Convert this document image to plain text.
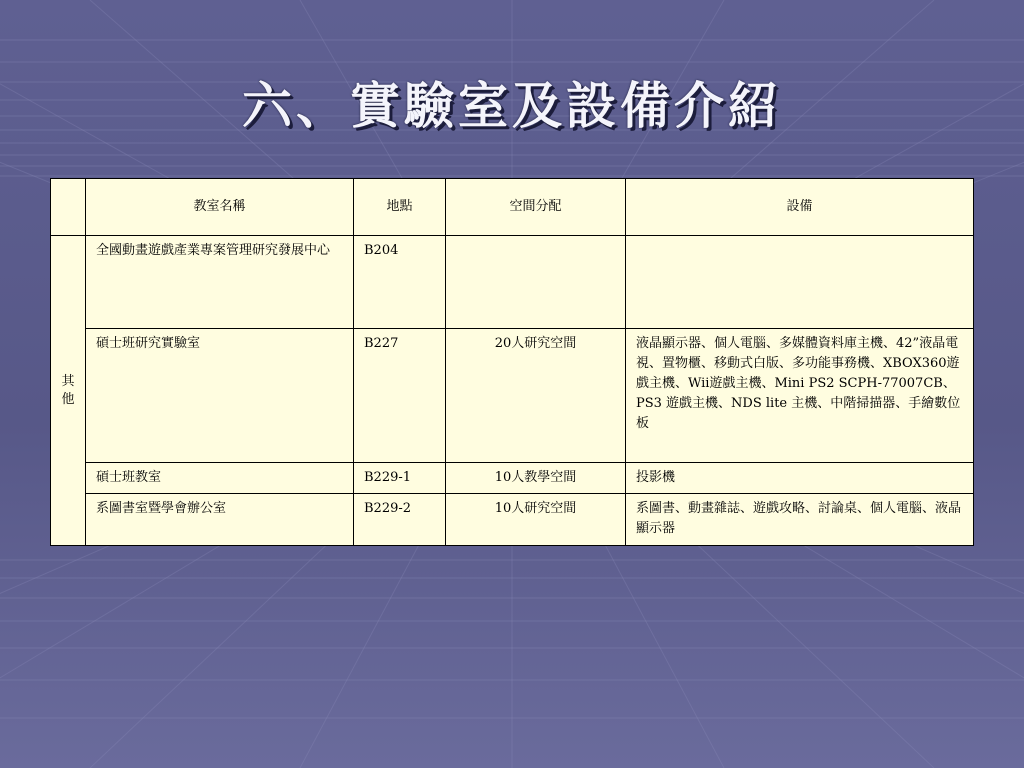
六、實驗室及設備介紹
	教室名稱	地點	空間分配	設備

其他	全國動畫遊戲產業專案管理研究發展中心	B204		

	碩士班研究實驗室	B227	20人研究空間	液晶顯示器、個人電腦、多媒體資料庫主機、42”液晶電視、置物櫃、移動式白版、多功能事務機、XBOX360遊戲主機、Wii遊戲主機、Mini PS2 SCPH-77007CB、PS3 遊戲主機、NDS lite 主機、中階掃描器、手繪數位板

	碩士班教室	B229-1	10人教學空間	投影機

	系圖書室暨學會辦公室	B229-2	10人研究空間	系圖書、動畫雜誌、遊戲攻略、討論桌、個人電腦、液晶顯示器
